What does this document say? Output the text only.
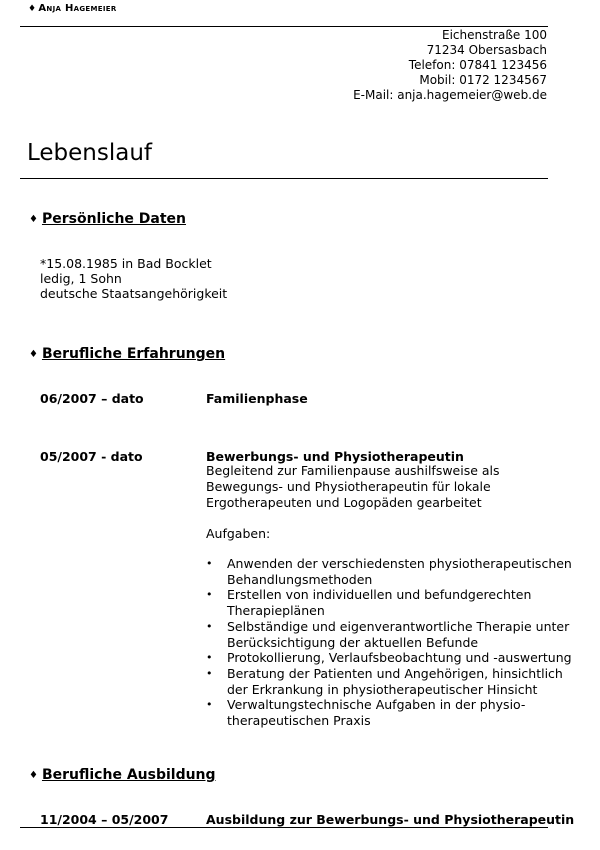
♦ Anja Hagemeier
Eichenstraße 100
71234 Obersasbach
Telefon: 07841 123456
Mobil: 0172 1234567
E-Mail: anja.hagemeier@web.de
Lebenslauf
♦ Persönliche Daten
*15.08.1985 in Bad Bocklet
ledig, 1 Sohn
deutsche Staatsangehörigkeit
♦ Berufliche Erfahrungen
06/2007 – dato	Familienphase
05/2007 - dato	Bewerbungs- und Physiotherapeutin
Begleitend zur Familienpause aushilfsweise als
Bewegungs- und Physiotherapeutin für lokale
Ergotherapeuten und Logopäden gearbeitet
Aufgaben:
• Anwenden der verschiedensten physiotherapeutischen Behandlungsmethoden
• Erstellen von individuellen und befundgerechten Therapieplänen
• Selbständige und eigenverantwortliche Therapie unter Berücksichtigung der aktuellen Befunde
• Protokollierung, Verlaufsbeobachtung und -auswertung
• Beratung der Patienten und Angehörigen, hinsichtlich der Erkrankung in physiotherapeutischer Hinsicht
• Verwaltungstechnische Aufgaben in der physio-therapeutischen Praxis
♦ Berufliche Ausbildung
11/2004 – 05/2007	Ausbildung zur Bewerbungs- und Physiotherapeutin
